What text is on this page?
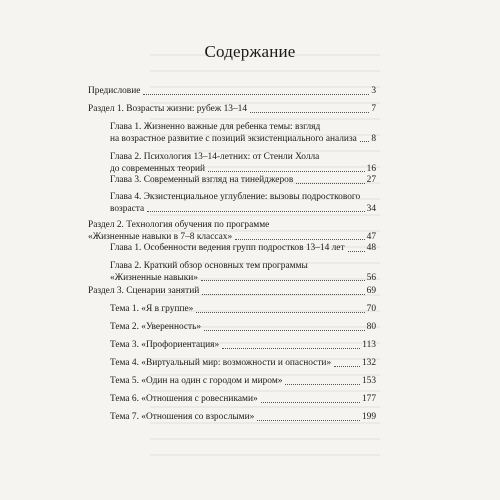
Содержание
Предисловие	3
Раздел 1. Возрасты жизни: рубеж 13–14	7
Глава 1. Жизненно важные для ребенка темы: взгляд
на возрастное развитие с позиций экзистенциального анализа 8
Глава 2. Психология 13–14-летних: от Стенли Холла
до современных теорий	16
Глава 3. Современный взгляд на тинейджеров	27
Глава 4. Экзистенциальное углубление: вызовы подросткового
возраста	34
Раздел 2. Технология обучения по программе
«Жизненные навыки в 7–8 классах»	47
Глава 1. Особенности ведения групп подростков 13–14 лет 48
Глава 2. Краткий обзор основных тем программы
«Жизненные навыки»	56
Раздел 3. Сценарии занятий	69
Тема 1. «Я в группе»	70
Тема 2. «Уверенность»	80
Тема 3. «Профориентация»	113
Тема 4. «Виртуальный мир: возможности и опасности»	132
Тема 5. «Один на один с городом и миром»	153
Тема 6. «Отношения с ровесниками»	177
Тема 7. «Отношения со взрослыми»	199
